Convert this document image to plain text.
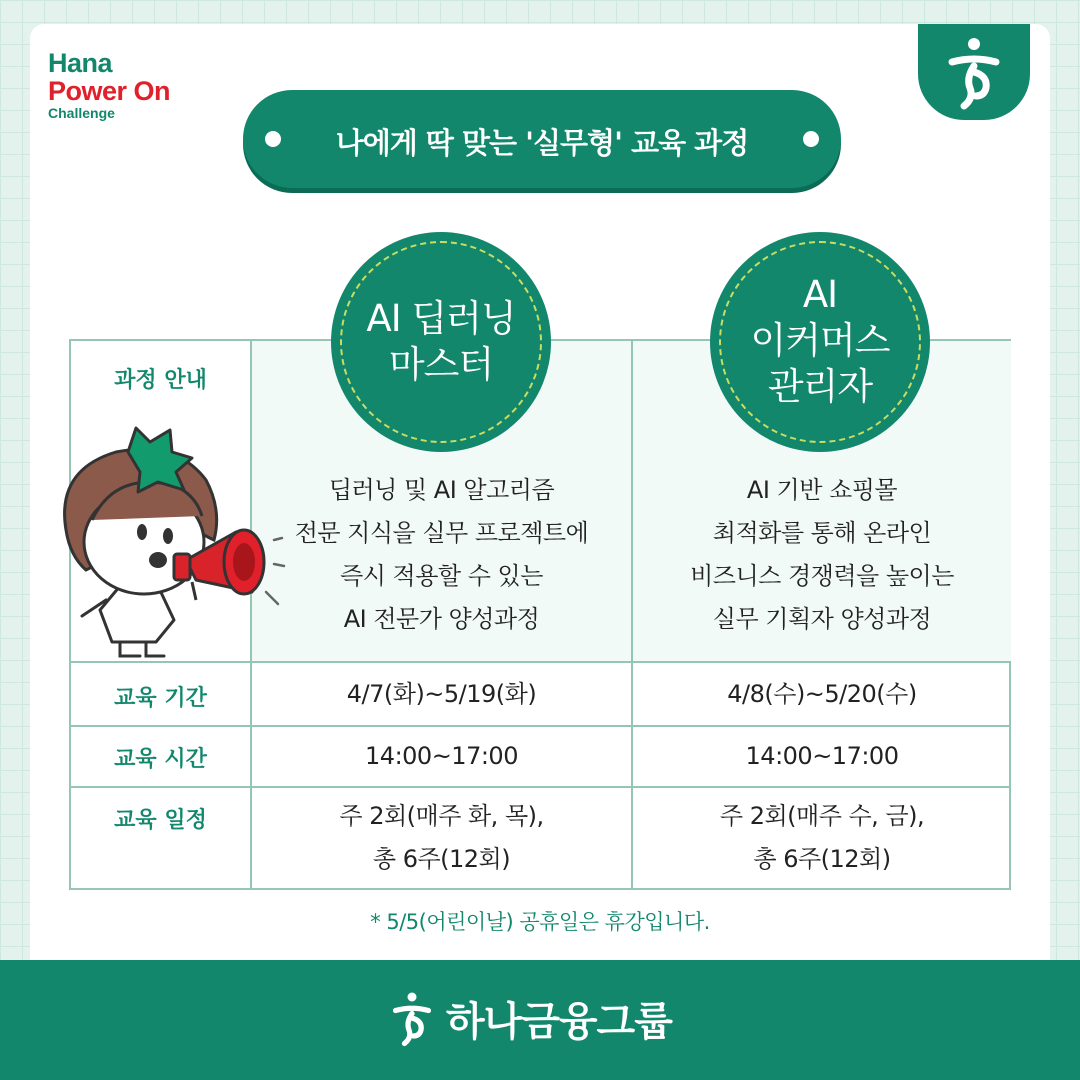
Hana
Power On
Challenge
나에게 딱 맞는 '실무형' 교육 과정
과정 안내
교육 기간
교육 시간
교육 일정
딥러닝 및 AI 알고리즘
전문 지식을 실무 프로젝트에
즉시 적용할 수 있는
AI 전문가 양성과정
AI 기반 쇼핑몰
최적화를 통해 온라인
비즈니스 경쟁력을 높이는
실무 기획자 양성과정
4/7(화)~5/19(화)	4/8(수)~5/20(수)
14:00~17:00	14:00~17:00
주 2회(매주 화, 목),
총 6주(12회)
주 2회(매주 수, 금),
총 6주(12회)
AI 딥러닝
마스터
AI
이커머스
관리자
* 5/5(어린이날) 공휴일은 휴강입니다.
하나금융그룹
